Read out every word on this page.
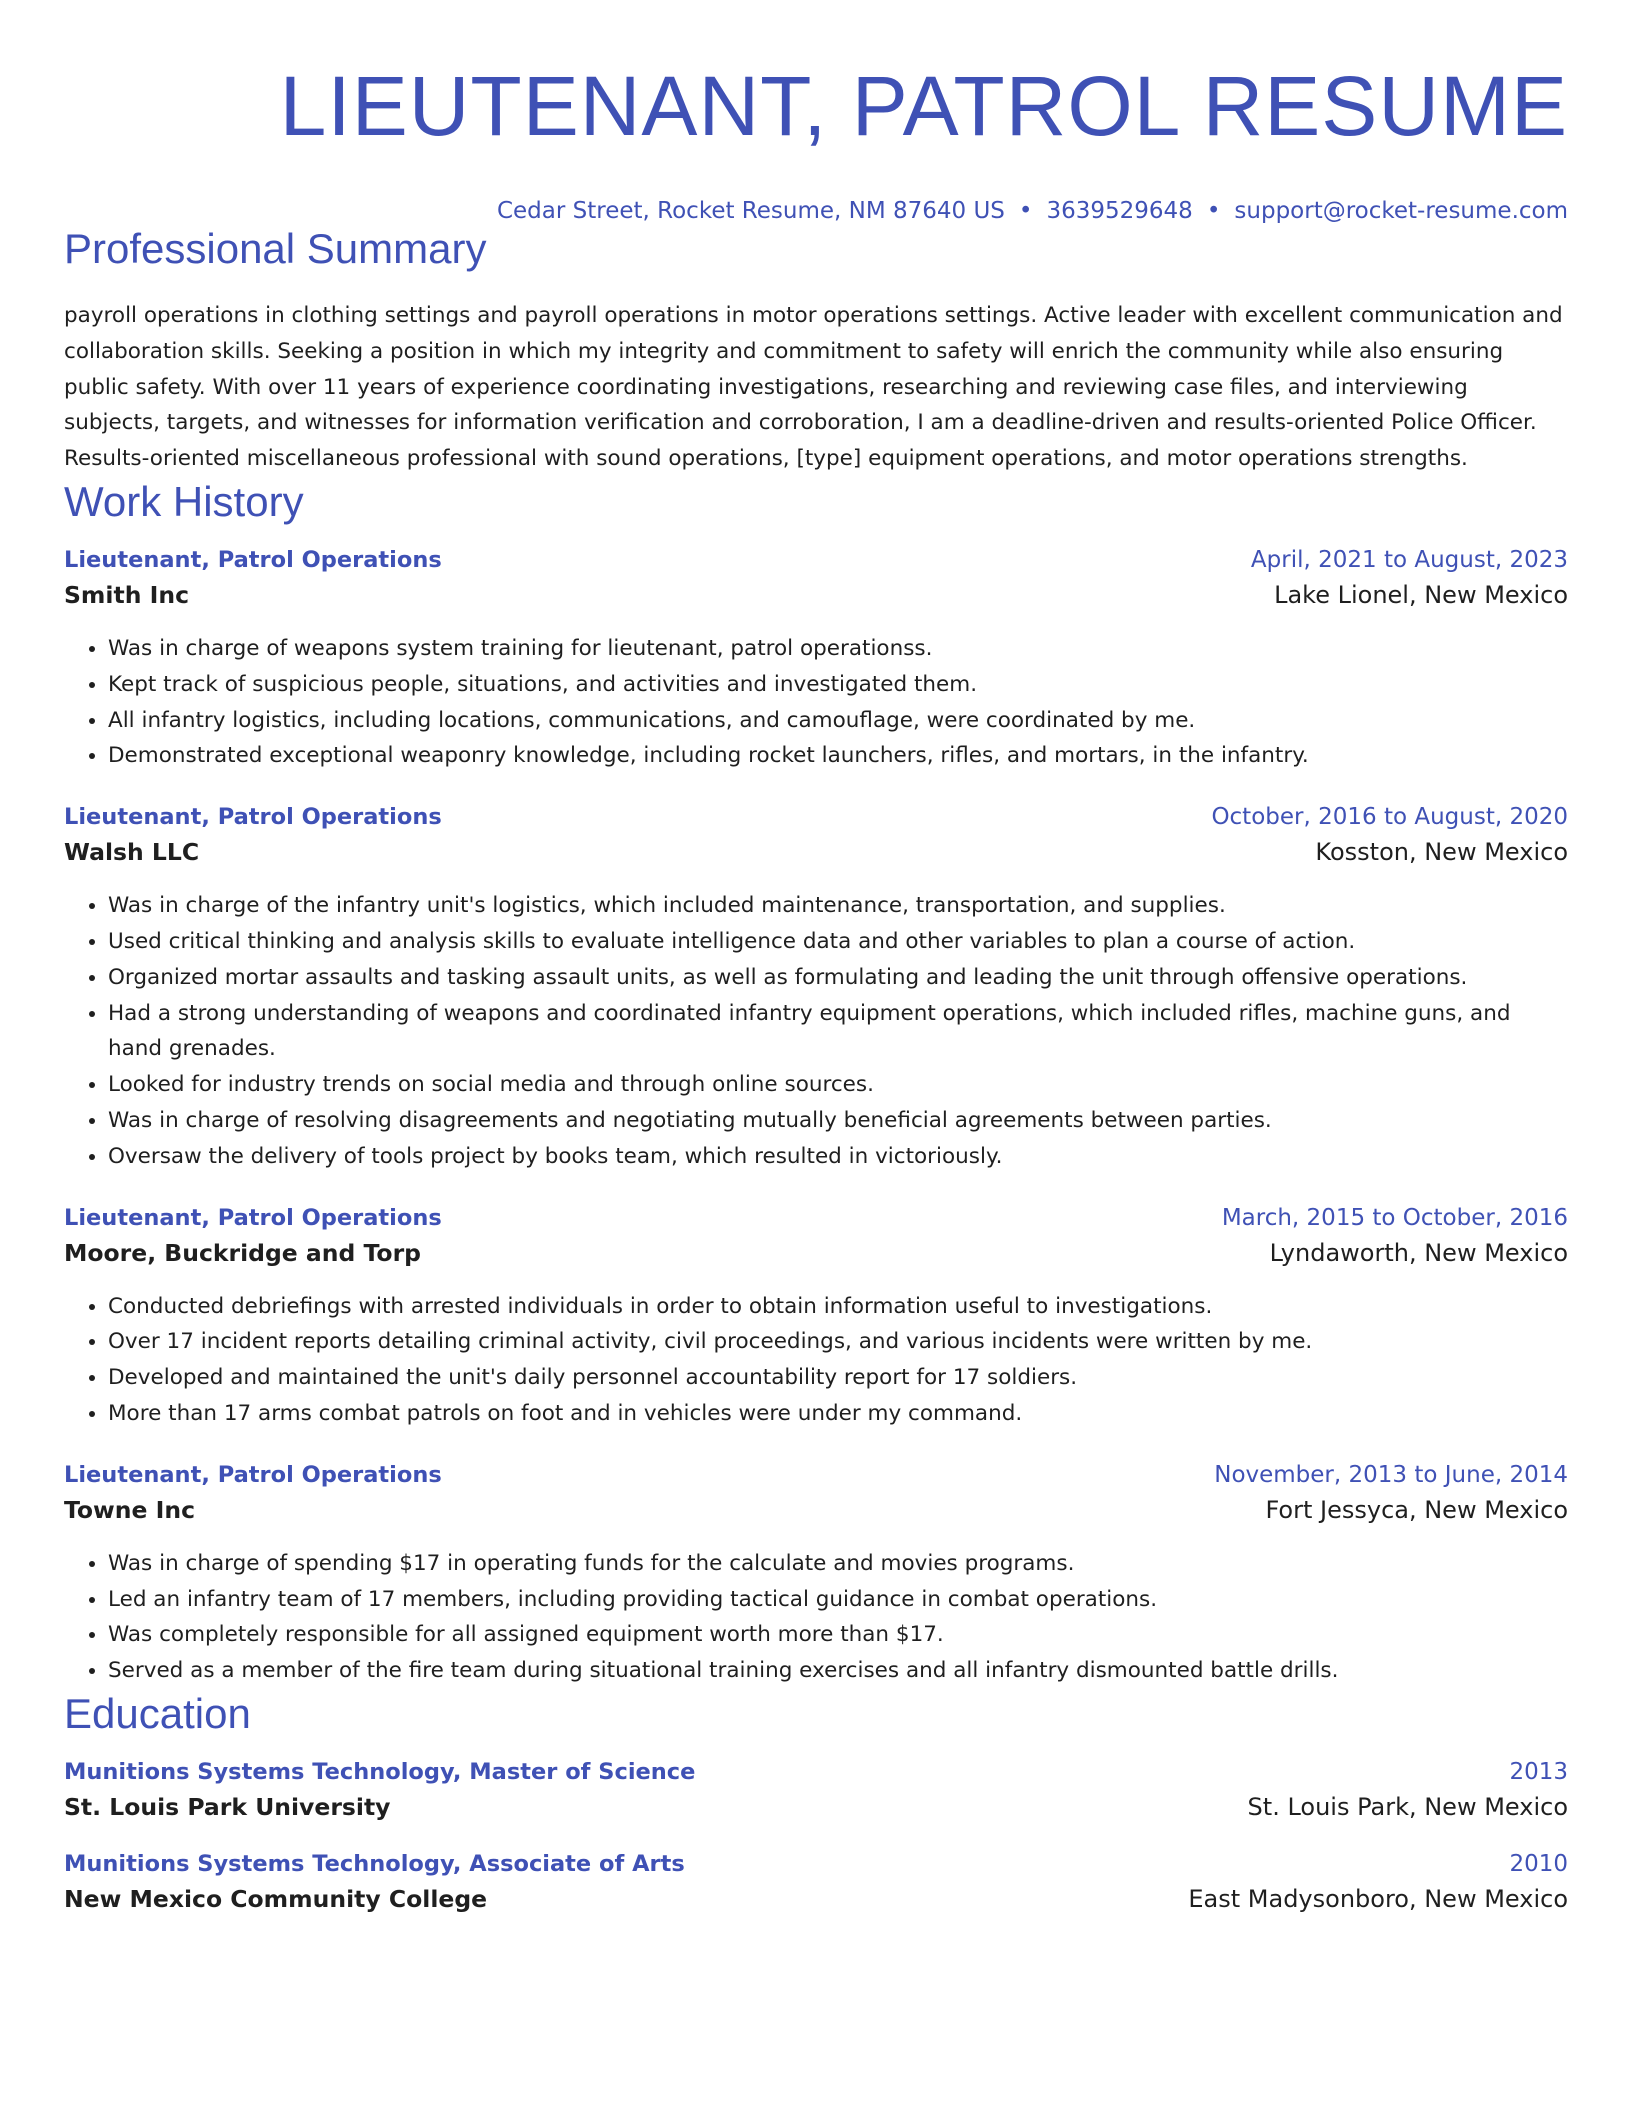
LIEUTENANT, PATROL RESUME
Cedar Street, Rocket Resume, NM 87640 US • 3639529648 • support@rocket-resume.com
Professional Summary
payroll operations in clothing settings and payroll operations in motor operations settings. Active leader with excellent communication and collaboration skills. Seeking a position in which my integrity and commitment to safety will enrich the community while also ensuring public safety. With over 11 years of experience coordinating investigations, researching and reviewing case files, and interviewing subjects, targets, and witnesses for information verification and corroboration, I am a deadline-driven and results-oriented Police Officer. Results-oriented miscellaneous professional with sound operations, [type] equipment operations, and motor operations strengths.
Work History
Lieutenant, Patrol Operations	April, 2021 to August, 2023
Smith Inc	Lake Lionel, New Mexico
• Was in charge of weapons system training for lieutenant, patrol operationss.
• Kept track of suspicious people, situations, and activities and investigated them.
• All infantry logistics, including locations, communications, and camouflage, were coordinated by me.
• Demonstrated exceptional weaponry knowledge, including rocket launchers, rifles, and mortars, in the infantry.
Lieutenant, Patrol Operations	October, 2016 to August, 2020
Walsh LLC	Kosston, New Mexico
• Was in charge of the infantry unit's logistics, which included maintenance, transportation, and supplies.
• Used critical thinking and analysis skills to evaluate intelligence data and other variables to plan a course of action.
• Organized mortar assaults and tasking assault units, as well as formulating and leading the unit through offensive operations.
• Had a strong understanding of weapons and coordinated infantry equipment operations, which included rifles, machine guns, and hand grenades.
• Looked for industry trends on social media and through online sources.
• Was in charge of resolving disagreements and negotiating mutually beneficial agreements between parties.
• Oversaw the delivery of tools project by books team, which resulted in victoriously.
Lieutenant, Patrol Operations	March, 2015 to October, 2016
Moore, Buckridge and Torp	Lyndaworth, New Mexico
• Conducted debriefings with arrested individuals in order to obtain information useful to investigations.
• Over 17 incident reports detailing criminal activity, civil proceedings, and various incidents were written by me.
• Developed and maintained the unit's daily personnel accountability report for 17 soldiers.
• More than 17 arms combat patrols on foot and in vehicles were under my command.
Lieutenant, Patrol Operations	November, 2013 to June, 2014
Towne Inc	Fort Jessyca, New Mexico
• Was in charge of spending $17 in operating funds for the calculate and movies programs.
• Led an infantry team of 17 members, including providing tactical guidance in combat operations.
• Was completely responsible for all assigned equipment worth more than $17.
• Served as a member of the fire team during situational training exercises and all infantry dismounted battle drills.
Education
Munitions Systems Technology, Master of Science	2013
St. Louis Park University	St. Louis Park, New Mexico
Munitions Systems Technology, Associate of Arts	2010
New Mexico Community College	East Madysonboro, New Mexico
